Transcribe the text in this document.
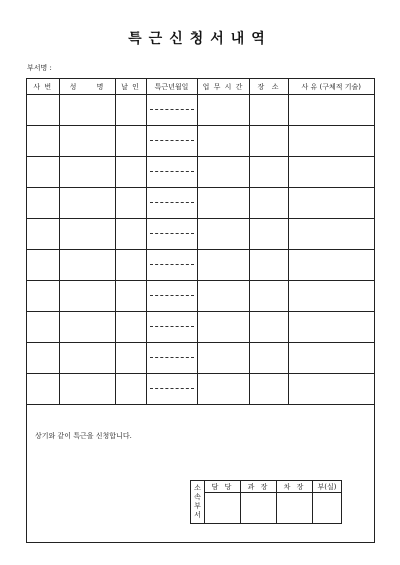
특근신청서내역
부서명 :
사 번	성      명	날 인	특근년월일	업 무 시 간	장  소	사 유 (구체적 기술)

상기와 같이 특근을 신청합니다.
소속부서	담 당	과 장	차 장	부(실)
